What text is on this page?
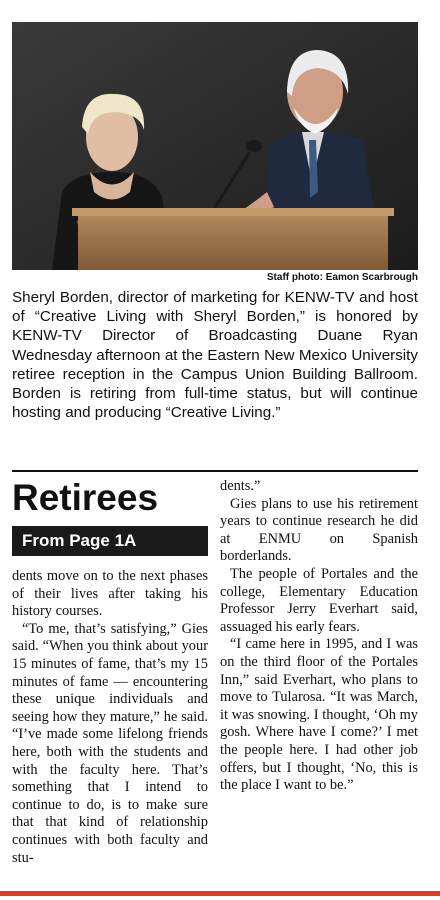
Staff photo: Eamon Scarbrough
Sheryl Borden, director of marketing for KENW-TV and host of “Creative Living with Sheryl Borden,” is honored by KENW-TV Director of Broadcasting Duane Ryan Wednesday afternoon at the Eastern New Mexico University retiree reception in the Campus Union Building Ballroom. Borden is retiring from full-time status, but will continue hosting and producing “Creative Living.”
Retirees
From Page 1A

dents move on to the next phases of their lives after taking his history courses.

“To me, that’s satisfying,” Gies said. “When you think about your 15 minutes of fame, that’s my 15 minutes of fame — encountering these unique individuals and seeing how they mature,” he said. “I’ve made some lifelong friends here, both with the students and with the faculty here. That’s something that I intend to continue to do, is to make sure that that kind of relationship continues with both faculty and stu-

dents.”

Gies plans to use his retirement years to continue research he did at ENMU on Spanish borderlands.

The people of Portales and the college, Elementary Education Professor Jerry Everhart said, assuaged his early fears.

“I came here in 1995, and I was on the third floor of the Portales Inn,” said Everhart, who plans to move to Tularosa. “It was March, it was snowing. I thought, ‘Oh my gosh. Where have I come?’ I met the people here. I had other job offers, but I thought, ‘No, this is the place I want to be.”
